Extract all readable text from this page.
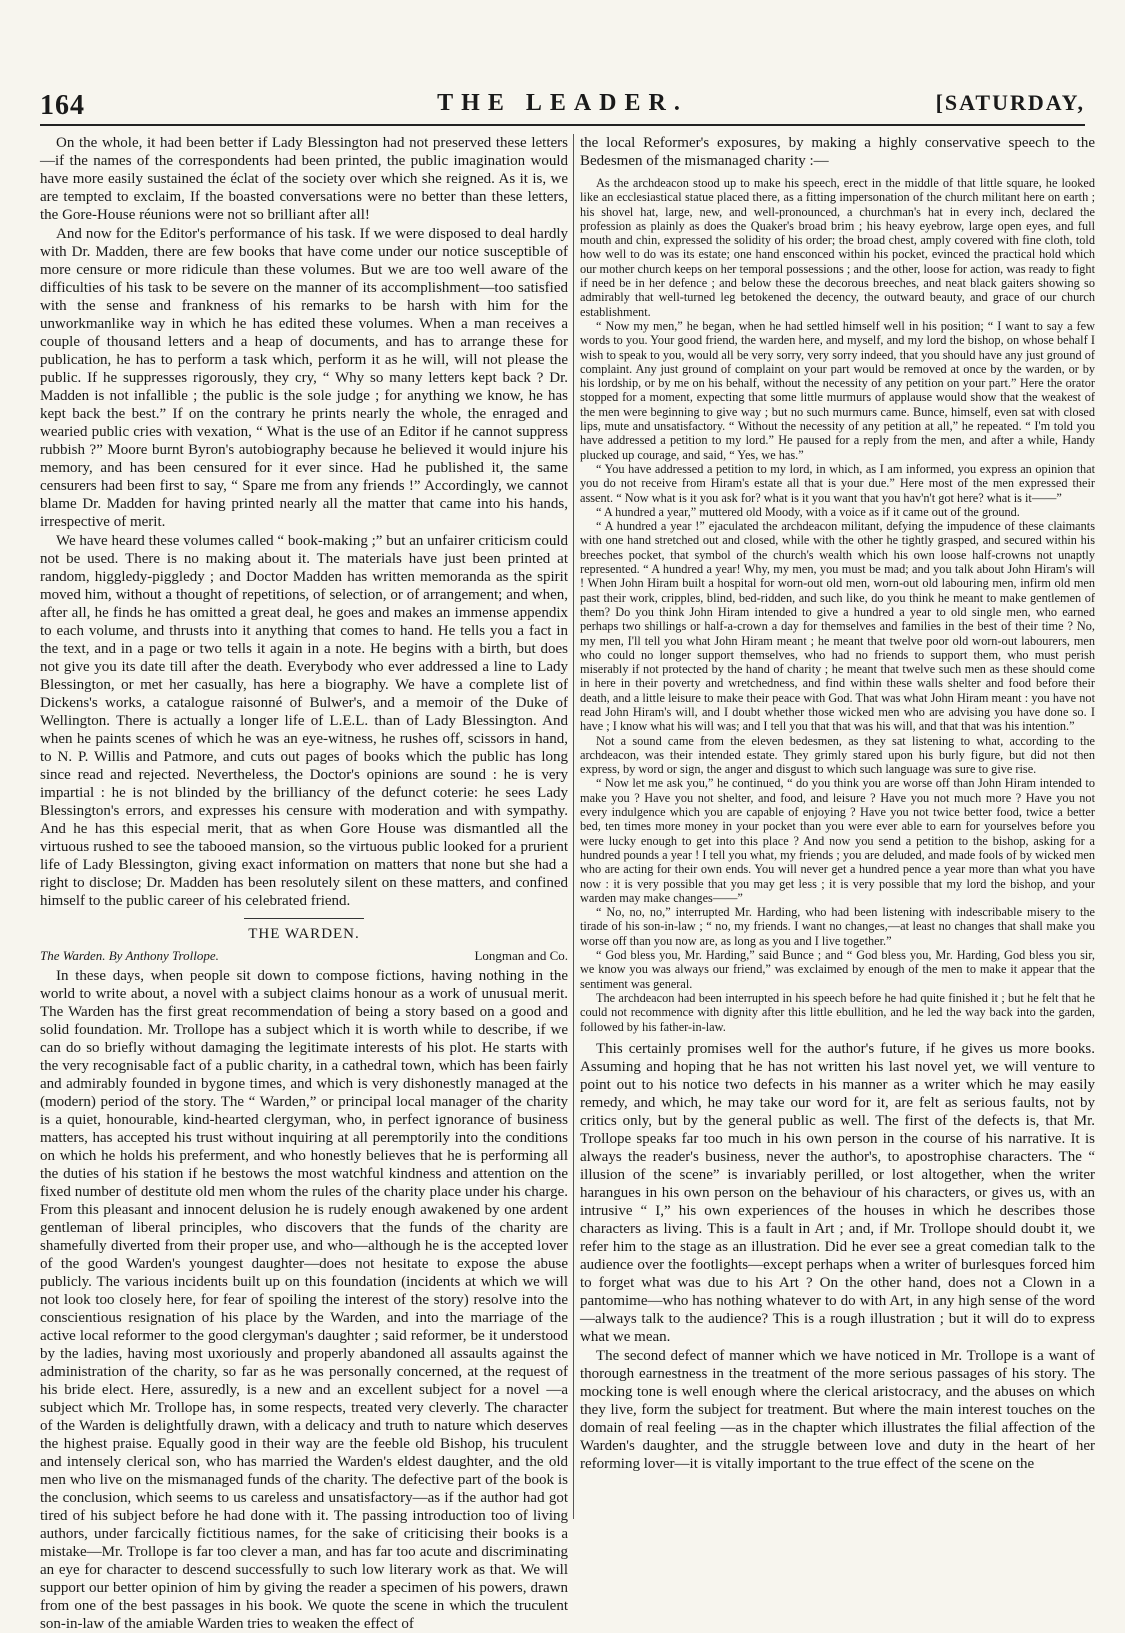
164	THE LEADER.	[SATURDAY,

On the whole, it had been better if Lady Blessington had not preserved these letters—if the names of the correspondents had been printed, the public imagination would have more easily sustained the éclat of the society over which she reigned. As it is, we are tempted to exclaim, If the boasted conversations were no better than these letters, the Gore-House réunions were not so brilliant after all!

And now for the Editor's performance of his task. If we were disposed to deal hardly with Dr. Madden, there are few books that have come under our notice susceptible of more censure or more ridicule than these volumes. But we are too well aware of the difficulties of his task to be severe on the manner of its accomplishment—too satisfied with the sense and frankness of his remarks to be harsh with him for the unworkmanlike way in which he has edited these volumes. When a man receives a couple of thousand letters and a heap of documents, and has to arrange these for publication, he has to perform a task which, perform it as he will, will not please the public. If he suppresses rigorously, they cry, “ Why so many letters kept back ? Dr. Madden is not infallible ; the public is the sole judge ; for anything we know, he has kept back the best.” If on the contrary he prints nearly the whole, the enraged and wearied public cries with vexation, “ What is the use of an Editor if he cannot suppress rubbish ?” Moore burnt Byron's autobiography because he believed it would injure his memory, and has been censured for it ever since. Had he published it, the same censurers had been first to say, “ Spare me from any friends !” Accordingly, we cannot blame Dr. Madden for having printed nearly all the matter that came into his hands, irrespective of merit.

We have heard these volumes called “ book-making ;” but an unfairer criticism could not be used. There is no making about it. The materials have just been printed at random, higgledy-piggledy ; and Doctor Madden has written memoranda as the spirit moved him, without a thought of repetitions, of selection, or of arrangement; and when, after all, he finds he has omitted a great deal, he goes and makes an immense appendix to each volume, and thrusts into it anything that comes to hand. He tells you a fact in the text, and in a page or two tells it again in a note. He begins with a birth, but does not give you its date till after the death. Everybody who ever addressed a line to Lady Blessington, or met her casually, has here a biography. We have a complete list of Dickens's works, a catalogue raisonné of Bulwer's, and a memoir of the Duke of Wellington. There is actually a longer life of L.E.L. than of Lady Blessington. And when he paints scenes of which he was an eye-witness, he rushes off, scissors in hand, to N. P. Willis and Patmore, and cuts out pages of books which the public has long since read and rejected. Nevertheless, the Doctor's opinions are sound : he is very impartial : he is not blinded by the brilliancy of the defunct coterie: he sees Lady Blessington's errors, and expresses his censure with moderation and with sympathy. And he has this especial merit, that as when Gore House was dismantled all the virtuous rushed to see the tabooed mansion, so the virtuous public looked for a prurient life of Lady Blessington, giving exact information on matters that none but she had a right to disclose; Dr. Madden has been resolutely silent on these matters, and confined himself to the public career of his celebrated friend.

THE WARDEN.
The Warden. By Anthony Trollope.	Longman and Co.

In these days, when people sit down to compose fictions, having nothing in the world to write about, a novel with a subject claims honour as a work of unusual merit. The Warden has the first great recommendation of being a story based on a good and solid foundation. Mr. Trollope has a subject which it is worth while to describe, if we can do so briefly without damaging the legitimate interests of his plot. He starts with the very recognisable fact of a public charity, in a cathedral town, which has been fairly and admirably founded in bygone times, and which is very dishonestly managed at the (modern) period of the story. The “ Warden,” or principal local manager of the charity is a quiet, honourable, kind-hearted clergyman, who, in perfect ignorance of business matters, has accepted his trust without inquiring at all peremptorily into the conditions on which he holds his preferment, and who honestly believes that he is performing all the duties of his station if he bestows the most watchful kindness and attention on the fixed number of destitute old men whom the rules of the charity place under his charge. From this pleasant and innocent delusion he is rudely enough awakened by one ardent gentleman of liberal principles, who discovers that the funds of the charity are shamefully diverted from their proper use, and who—although he is the accepted lover of the good Warden's youngest daughter—does not hesitate to expose the abuse publicly. The various incidents built up on this foundation (incidents at which we will not look too closely here, for fear of spoiling the interest of the story) resolve into the conscientious resignation of his place by the Warden, and into the marriage of the active local reformer to the good clergyman's daughter ; said reformer, be it understood by the ladies, having most uxoriously and properly abandoned all assaults against the administration of the charity, so far as he was personally concerned, at the request of his bride elect. Here, assuredly, is a new and an excellent subject for a novel —a subject which Mr. Trollope has, in some respects, treated very cleverly. The character of the Warden is delightfully drawn, with a delicacy and truth to nature which deserves the highest praise. Equally good in their way are the feeble old Bishop, his truculent and intensely clerical son, who has married the Warden's eldest daughter, and the old men who live on the mismanaged funds of the charity. The defective part of the book is the conclusion, which seems to us careless and unsatisfactory—as if the author had got tired of his subject before he had done with it. The passing introduction too of living authors, under farcically fictitious names, for the sake of criticising their books is a mistake—Mr. Trollope is far too clever a man, and has far too acute and discriminating an eye for character to descend successfully to such low literary work as that. We will support our better opinion of him by giving the reader a specimen of his powers, drawn from one of the best passages in his book. We quote the scene in which the truculent son-in-law of the amiable Warden tries to weaken the effect of

the local Reformer's exposures, by making a highly conservative speech to the Bedesmen of the mismanaged charity :—

As the archdeacon stood up to make his speech, erect in the middle of that little square, he looked like an ecclesiastical statue placed there, as a fitting impersonation of the church militant here on earth ; his shovel hat, large, new, and well-pronounced, a churchman's hat in every inch, declared the profession as plainly as does the Quaker's broad brim ; his heavy eyebrow, large open eyes, and full mouth and chin, expressed the solidity of his order; the broad chest, amply covered with fine cloth, told how well to do was its estate; one hand ensconced within his pocket, evinced the practical hold which our mother church keeps on her temporal possessions ; and the other, loose for action, was ready to fight if need be in her defence ; and below these the decorous breeches, and neat black gaiters showing so admirably that well-turned leg betokened the decency, the outward beauty, and grace of our church establishment.

“ Now my men,” he began, when he had settled himself well in his position; “ I want to say a few words to you. Your good friend, the warden here, and myself, and my lord the bishop, on whose behalf I wish to speak to you, would all be very sorry, very sorry indeed, that you should have any just ground of complaint. Any just ground of complaint on your part would be removed at once by the warden, or by his lordship, or by me on his behalf, without the necessity of any petition on your part.” Here the orator stopped for a moment, expecting that some little murmurs of applause would show that the weakest of the men were beginning to give way ; but no such murmurs came. Bunce, himself, even sat with closed lips, mute and unsatisfactory. “ Without the necessity of any petition at all,” he repeated. “ I'm told you have addressed a petition to my lord.” He paused for a reply from the men, and after a while, Handy plucked up courage, and said, “ Yes, we has.”

“ You have addressed a petition to my lord, in which, as I am informed, you express an opinion that you do not receive from Hiram's estate all that is your due.” Here most of the men expressed their assent. “ Now what is it you ask for? what is it you want that you hav'n't got here? what is it——”

“ A hundred a year,” muttered old Moody, with a voice as if it came out of the ground.

“ A hundred a year !” ejaculated the archdeacon militant, defying the impudence of these claimants with one hand stretched out and closed, while with the other he tightly grasped, and secured within his breeches pocket, that symbol of the church's wealth which his own loose half-crowns not unaptly represented. “ A hundred a year! Why, my men, you must be mad; and you talk about John Hiram's will ! When John Hiram built a hospital for worn-out old men, worn-out old labouring men, infirm old men past their work, cripples, blind, bed-ridden, and such like, do you think he meant to make gentlemen of them? Do you think John Hiram intended to give a hundred a year to old single men, who earned perhaps two shillings or half-a-crown a day for themselves and families in the best of their time ? No, my men, I'll tell you what John Hiram meant ; he meant that twelve poor old worn-out labourers, men who could no longer support themselves, who had no friends to support them, who must perish miserably if not protected by the hand of charity ; he meant that twelve such men as these should come in here in their poverty and wretchedness, and find within these walls shelter and food before their death, and a little leisure to make their peace with God. That was what John Hiram meant : you have not read John Hiram's will, and I doubt whether those wicked men who are advising you have done so. I have ; I know what his will was; and I tell you that that was his will, and that that was his intention.”

Not a sound came from the eleven bedesmen, as they sat listening to what, according to the archdeacon, was their intended estate. They grimly stared upon his burly figure, but did not then express, by word or sign, the anger and disgust to which such language was sure to give rise.

“ Now let me ask you,” he continued, “ do you think you are worse off than John Hiram intended to make you ? Have you not shelter, and food, and leisure ? Have you not much more ? Have you not every indulgence which you are capable of enjoying ? Have you not twice better food, twice a better bed, ten times more money in your pocket than you were ever able to earn for yourselves before you were lucky enough to get into this place ? And now you send a petition to the bishop, asking for a hundred pounds a year ! I tell you what, my friends ; you are deluded, and made fools of by wicked men who are acting for their own ends. You will never get a hundred pence a year more than what you have now : it is very possible that you may get less ; it is very possible that my lord the bishop, and your warden may make changes——”

“ No, no, no,” interrupted Mr. Harding, who had been listening with indescribable misery to the tirade of his son-in-law ; “ no, my friends. I want no changes,—at least no changes that shall make you worse off than you now are, as long as you and I live together.”

“ God bless you, Mr. Harding,” said Bunce ; and “ God bless you, Mr. Harding, God bless you sir, we know you was always our friend,” was exclaimed by enough of the men to make it appear that the sentiment was general.

The archdeacon had been interrupted in his speech before he had quite finished it ; but he felt that he could not recommence with dignity after this little ebullition, and he led the way back into the garden, followed by his father-in-law.

This certainly promises well for the author's future, if he gives us more books. Assuming and hoping that he has not written his last novel yet, we will venture to point out to his notice two defects in his manner as a writer which he may easily remedy, and which, he may take our word for it, are felt as serious faults, not by critics only, but by the general public as well. The first of the defects is, that Mr. Trollope speaks far too much in his own person in the course of his narrative. It is always the reader's business, never the author's, to apostrophise characters. The “ illusion of the scene” is invariably perilled, or lost altogether, when the writer harangues in his own person on the behaviour of his characters, or gives us, with an intrusive “ I,” his own experiences of the houses in which he describes those characters as living. This is a fault in Art ; and, if Mr. Trollope should doubt it, we refer him to the stage as an illustration. Did he ever see a great comedian talk to the audience over the footlights—except perhaps when a writer of burlesques forced him to forget what was due to his Art ? On the other hand, does not a Clown in a pantomime—who has nothing whatever to do with Art, in any high sense of the word—always talk to the audience? This is a rough illustration ; but it will do to express what we mean.

The second defect of manner which we have noticed in Mr. Trollope is a want of thorough earnestness in the treatment of the more serious passages of his story. The mocking tone is well enough where the clerical aristocracy, and the abuses on which they live, form the subject for treatment. But where the main interest touches on the domain of real feeling —as in the chapter which illustrates the filial affection of the Warden's daughter, and the struggle between love and duty in the heart of her reforming lover—it is vitally important to the true effect of the scene on the
